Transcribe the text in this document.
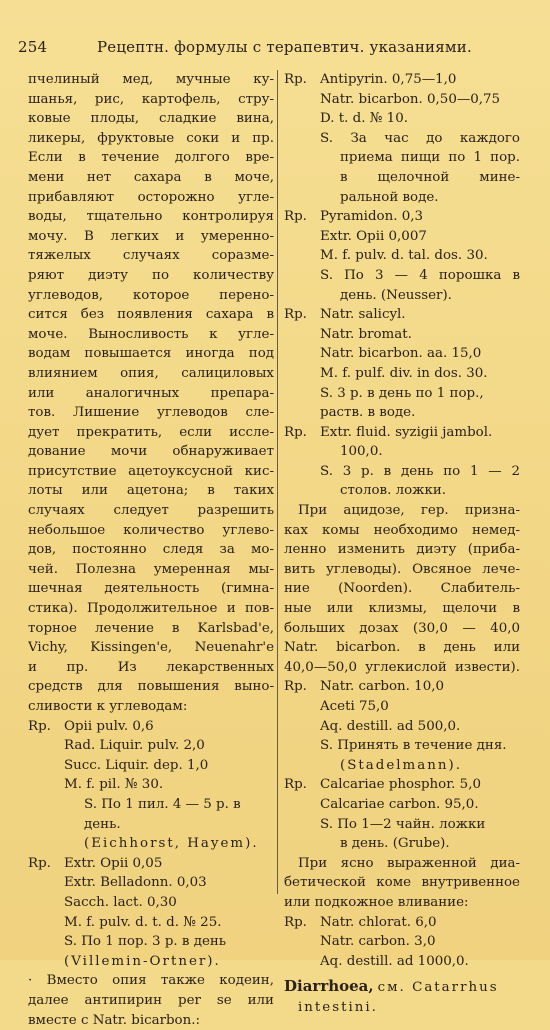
254	Рецептн. формулы с терапевтич. указаниями.
пчелиный мед, мучные ку-
шанья, рис, картофель, стру-
ковые плоды, сладкие вина,
ликеры, фруктовые соки и пр.
Если в течение долгого вре-
мени нет сахара в моче,
прибавляют осторожно угле-
воды, тщательно контролируя
мочу. В легких и умеренно-
тяжелых случаях соразме-
ряют диэту по количеству
углеводов, которое перено-
сится без появления сахара в
моче. Выносливость к угле-
водам повышается иногда под
влиянием опия, салициловых
или аналогичных препара-
тов. Лишение углеводов сле-
дует прекратить, если иссле-
дование мочи обнаруживает
присутствие ацетоуксусной кис-
лоты или ацетона; в таких
случаях следует разрешить
небольшое количество углево-
дов, постоянно следя за мо-
чей. Полезна умеренная мы-
шечная деятельность (гимна-
стика). Продолжительное и пов-
торное лечение в Karlsbad'e,
Vichy, Kissingen'e, Neuenahr'e
и пр. Из лекарственных
средств для повышения выно-
сливости к углеводам:
Rp. Opii pulv. 0,6
Rad. Liquir. pulv. 2,0
Succ. Liquir. dep. 1,0
M. f. pil. № 30.
S. По 1 пил. 4 — 5 р. в
день.
(Eichhorst, Hayem).
Rp. Extr. Opii 0,05
Extr. Belladonn. 0,03
Sacch. lact. 0,30
M. f. pulv. d. t. d. № 25.
S. По 1 пор. 3 р. в день
(Villemin-Ortner).
· Вместо опия также кодеин,
далее антипирин per se или
вместе с Natr. bicarbon.:
Rp. Antipyrin. 0,75—1,0
Natr. bicarbon. 0,50—0,75
D. t. d. № 10.
S. За час до каждого
приема пищи по 1 пор.
в щелочной мине-
ральной воде.
Rp. Pyramidon. 0,3
Extr. Opii 0,007
M. f. pulv. d. tal. dos. 30.
S. По 3 — 4 порошка в
день. (Neusser).
Rp. Natr. salicyl.
Natr. bromat.
Natr. bicarbon. aa. 15,0
M. f. pulf. div. in dos. 30.
S. 3 р. в день по 1 пор.,
раств. в воде.
Rp. Extr. fluid. syzigii jambol.
100,0.
S. 3 р. в день по 1 — 2
столов. ложки.
При ацидозе, гер. призна-
ках комы необходимо немед-
ленно изменить диэту (приба-
вить углеводы). Овсяное лече-
ние (Noorden). Слабитель-
ные или клизмы, щелочи в
больших дозах (30,0 — 40,0
Natr. bicarbon. в день или
40,0—50,0 углекислой извести).
Rp. Natr. carbon. 10,0
Aceti 75,0
Aq. destill. ad 500,0.
S. Принять в течение дня.
(Stadelmann).
Rp. Calcariae phosphor. 5,0
Calcariae carbon. 95,0.
S. По 1—2 чайн. ложки
в день. (Grube).
При ясно выраженной диа-
бетической коме внутривенное
или подкожное вливание:
Rp. Natr. chlorat. 6,0
Natr. carbon. 3,0
Aq. destill. ad 1000,0.
Diarrhoea, см. Catarrhus
intestini.
